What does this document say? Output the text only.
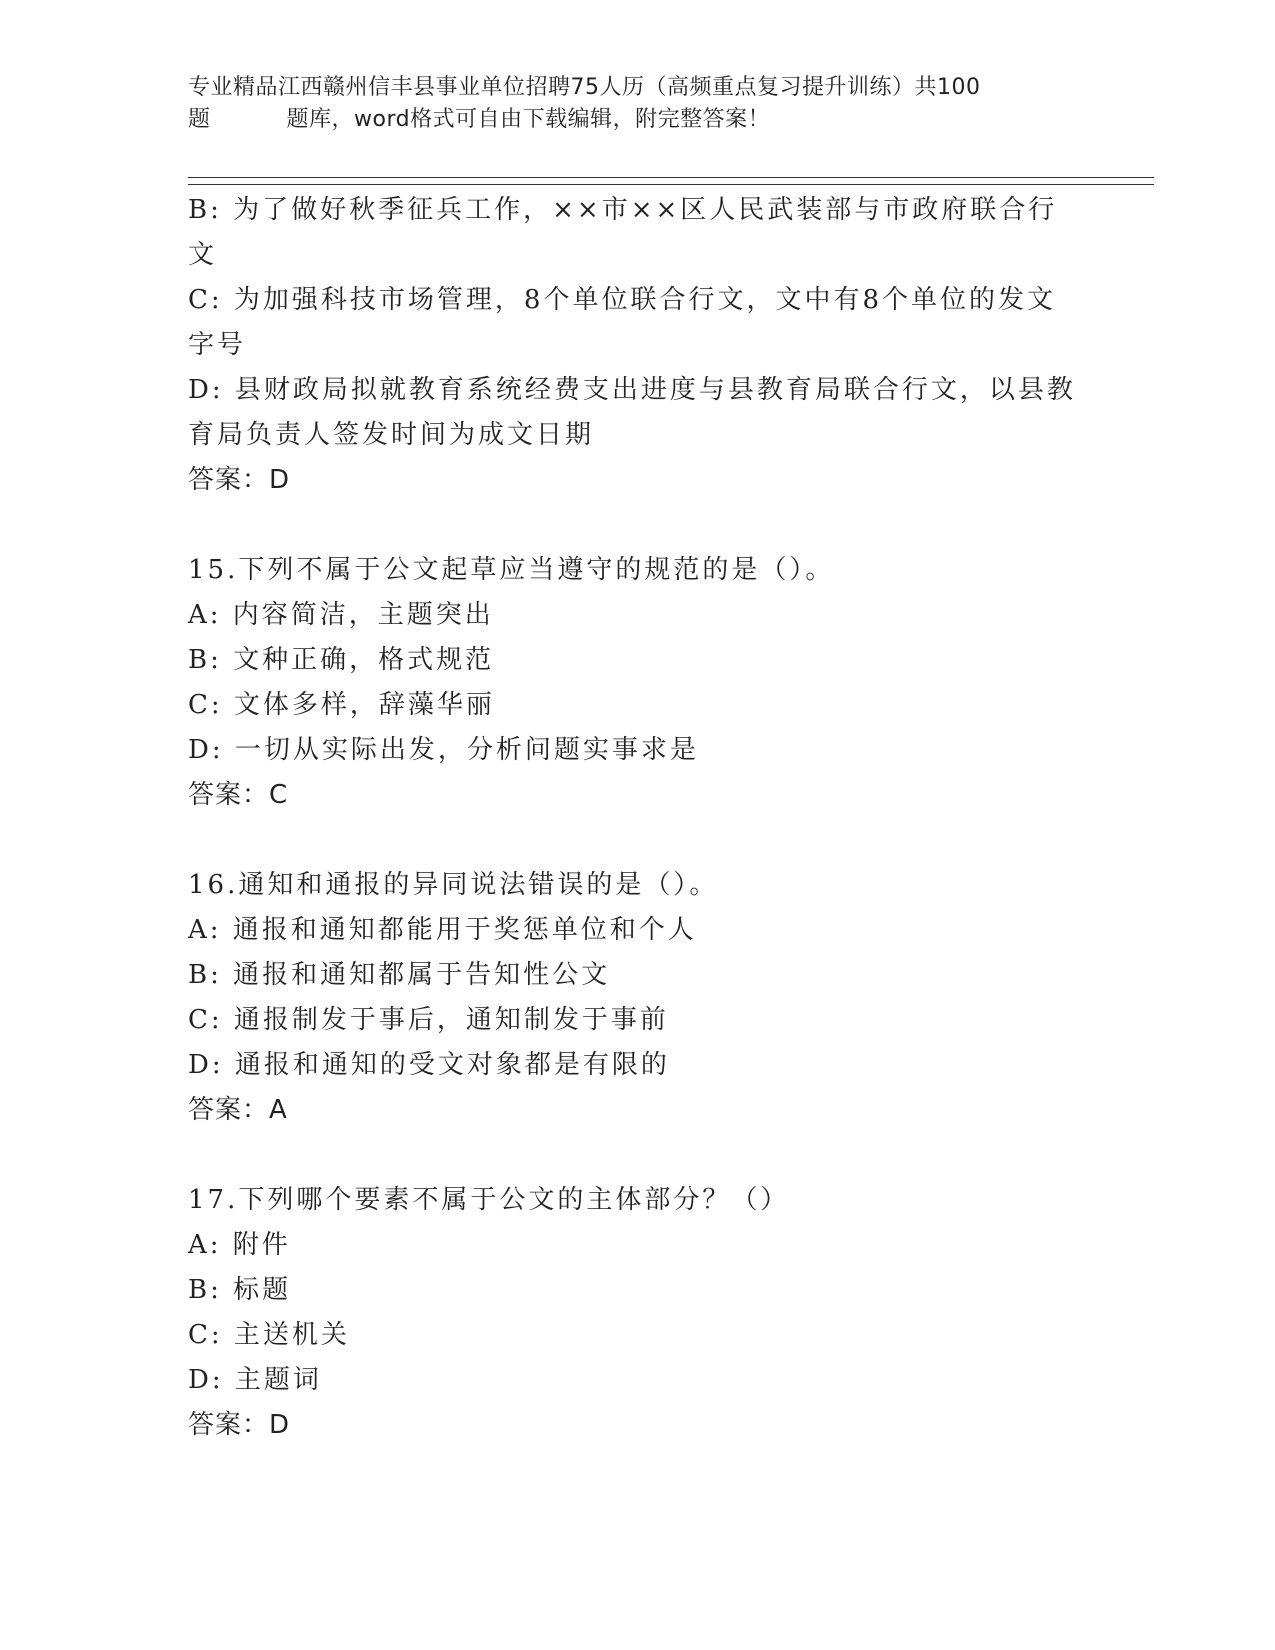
专业精品江西赣州信丰县事业单位招聘75人历（高频重点复习提升训练）共100
题	题库，word格式可自由下载编辑，附完整答案！
B: 为了做好秋季征兵工作，××市××区人民武装部与市政府联合行
文
C: 为加强科技市场管理，8个单位联合行文，文中有8个单位的发文
字号
D: 县财政局拟就教育系统经费支出进度与县教育局联合行文，以县教
育局负责人签发时间为成文日期
答案：D
15.下列不属于公文起草应当遵守的规范的是（）。
A: 内容简洁，主题突出
B: 文种正确，格式规范
C: 文体多样，辞藻华丽
D: 一切从实际出发，分析问题实事求是
答案：C
16.通知和通报的异同说法错误的是（）。
A: 通报和通知都能用于奖惩单位和个人
B: 通报和通知都属于告知性公文
C: 通报制发于事后，通知制发于事前
D: 通报和通知的受文对象都是有限的
答案：A
17.下列哪个要素不属于公文的主体部分？（）
A: 附件
B: 标题
C: 主送机关
D: 主题词
答案：D
